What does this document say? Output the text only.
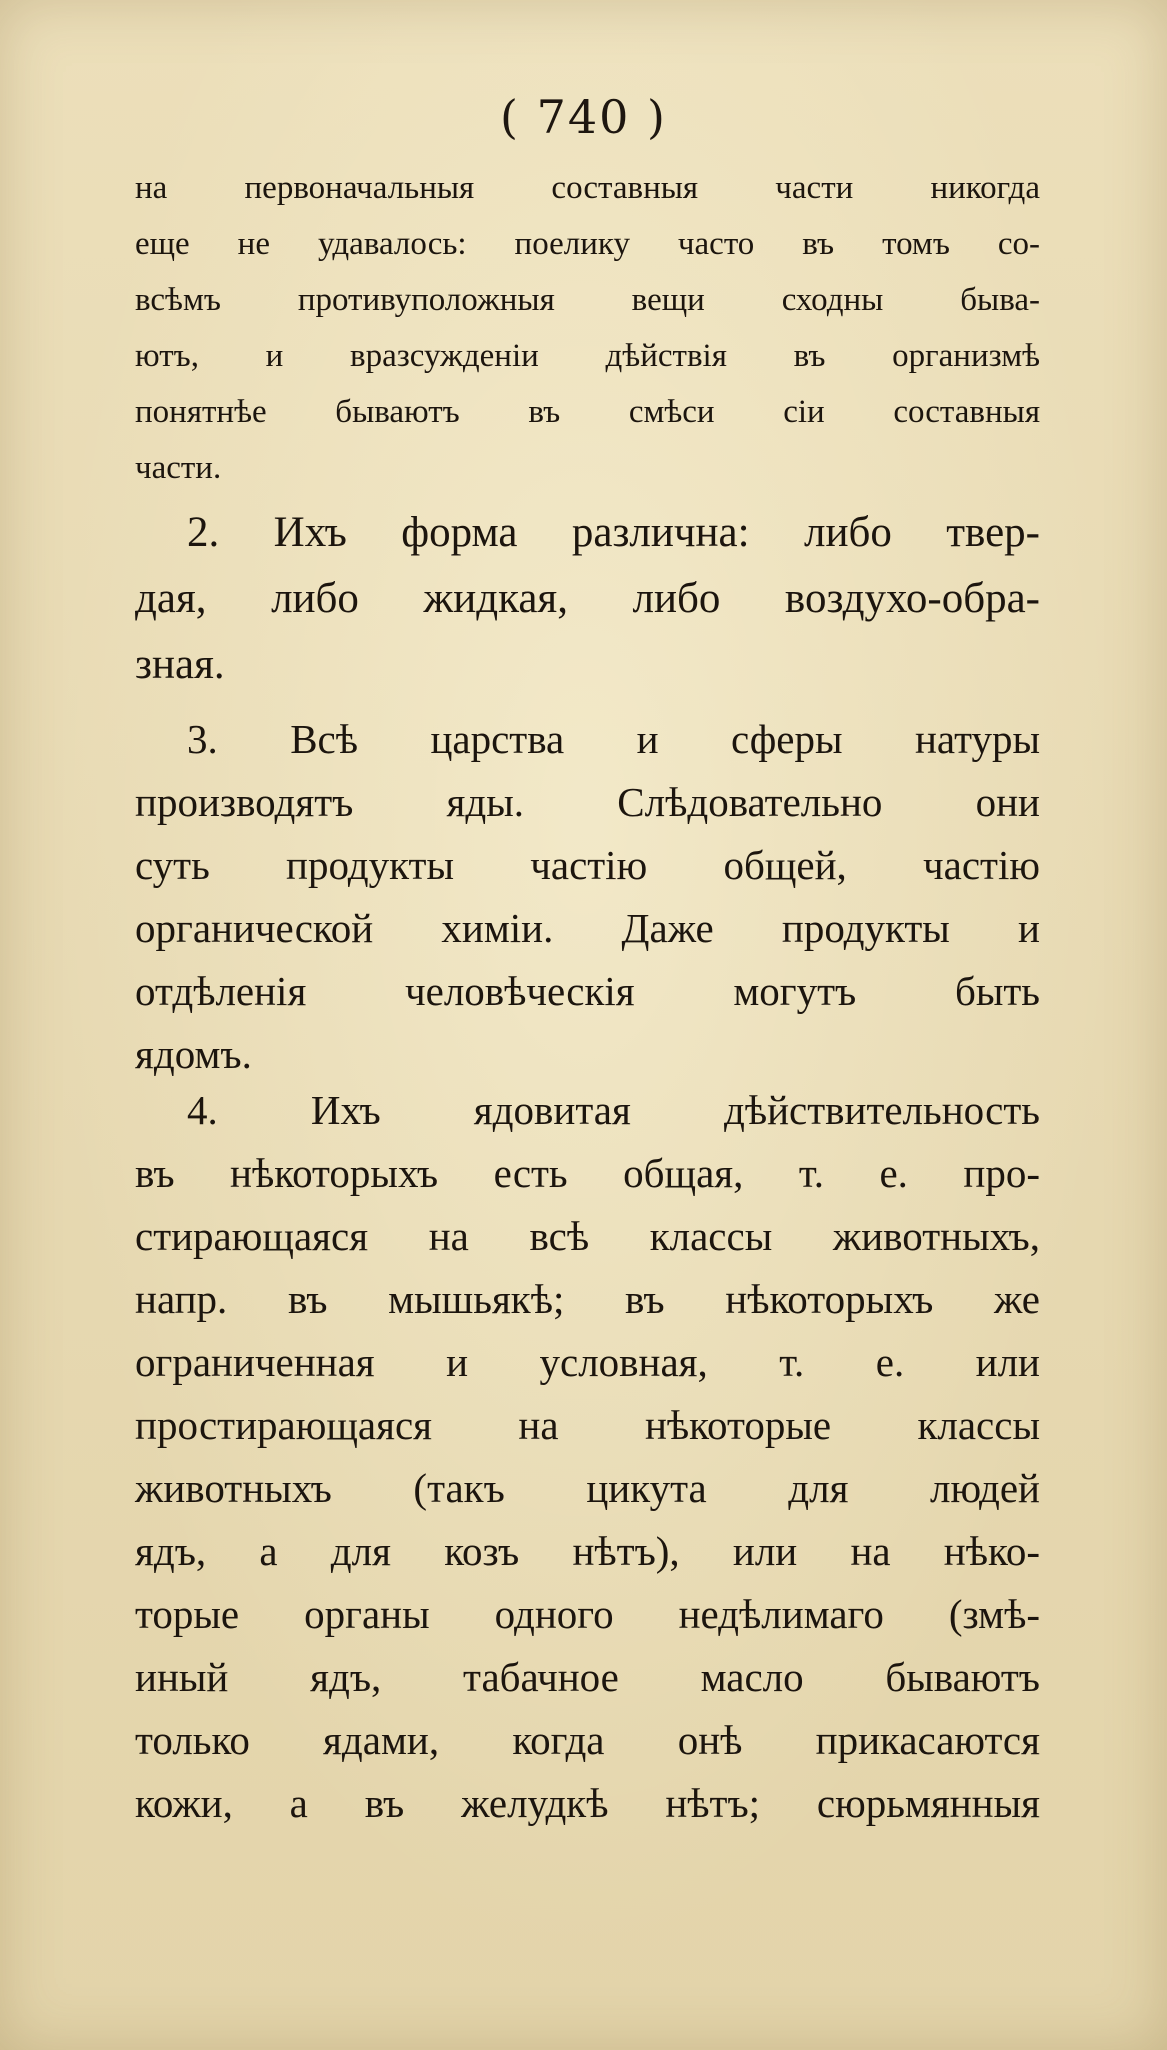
( 740 )
на первоначальныя составныя части никогда
еще не удавалось: поелику часто въ томъ со-
всѣмъ противуположныя вещи сходны быва-
ютъ, и вразсужденіи дѣйствія въ организмѣ
понятнѣе бываютъ въ смѣси сіи составныя
части.
2. Ихъ форма различна: либо твер-
дая, либо жидкая, либо воздухо-обра-
зная.
3. Всѣ царства и сферы натуры
производятъ яды. Слѣдовательно они
суть продукты частію общей, частію
органической химіи. Даже продукты и
отдѣленія человѣческія могутъ быть
ядомъ.
4. Ихъ ядовитая дѣйствительность
въ нѣкоторыхъ есть общая, т. е. про-
стирающаяся на всѣ классы животныхъ,
напр. въ мышьякѣ; въ нѣкоторыхъ же
ограниченная и условная, т. е. или
простирающаяся на нѣкоторые классы
животныхъ (такъ цикута для людей
ядъ, а для козъ нѣтъ), или на нѣко-
торые органы одного недѣлимаго (змѣ-
иный ядъ, табачное масло бываютъ
только ядами, когда онѣ прикасаются
кожи, а въ желудкѣ нѣтъ; сюрьмянныя
